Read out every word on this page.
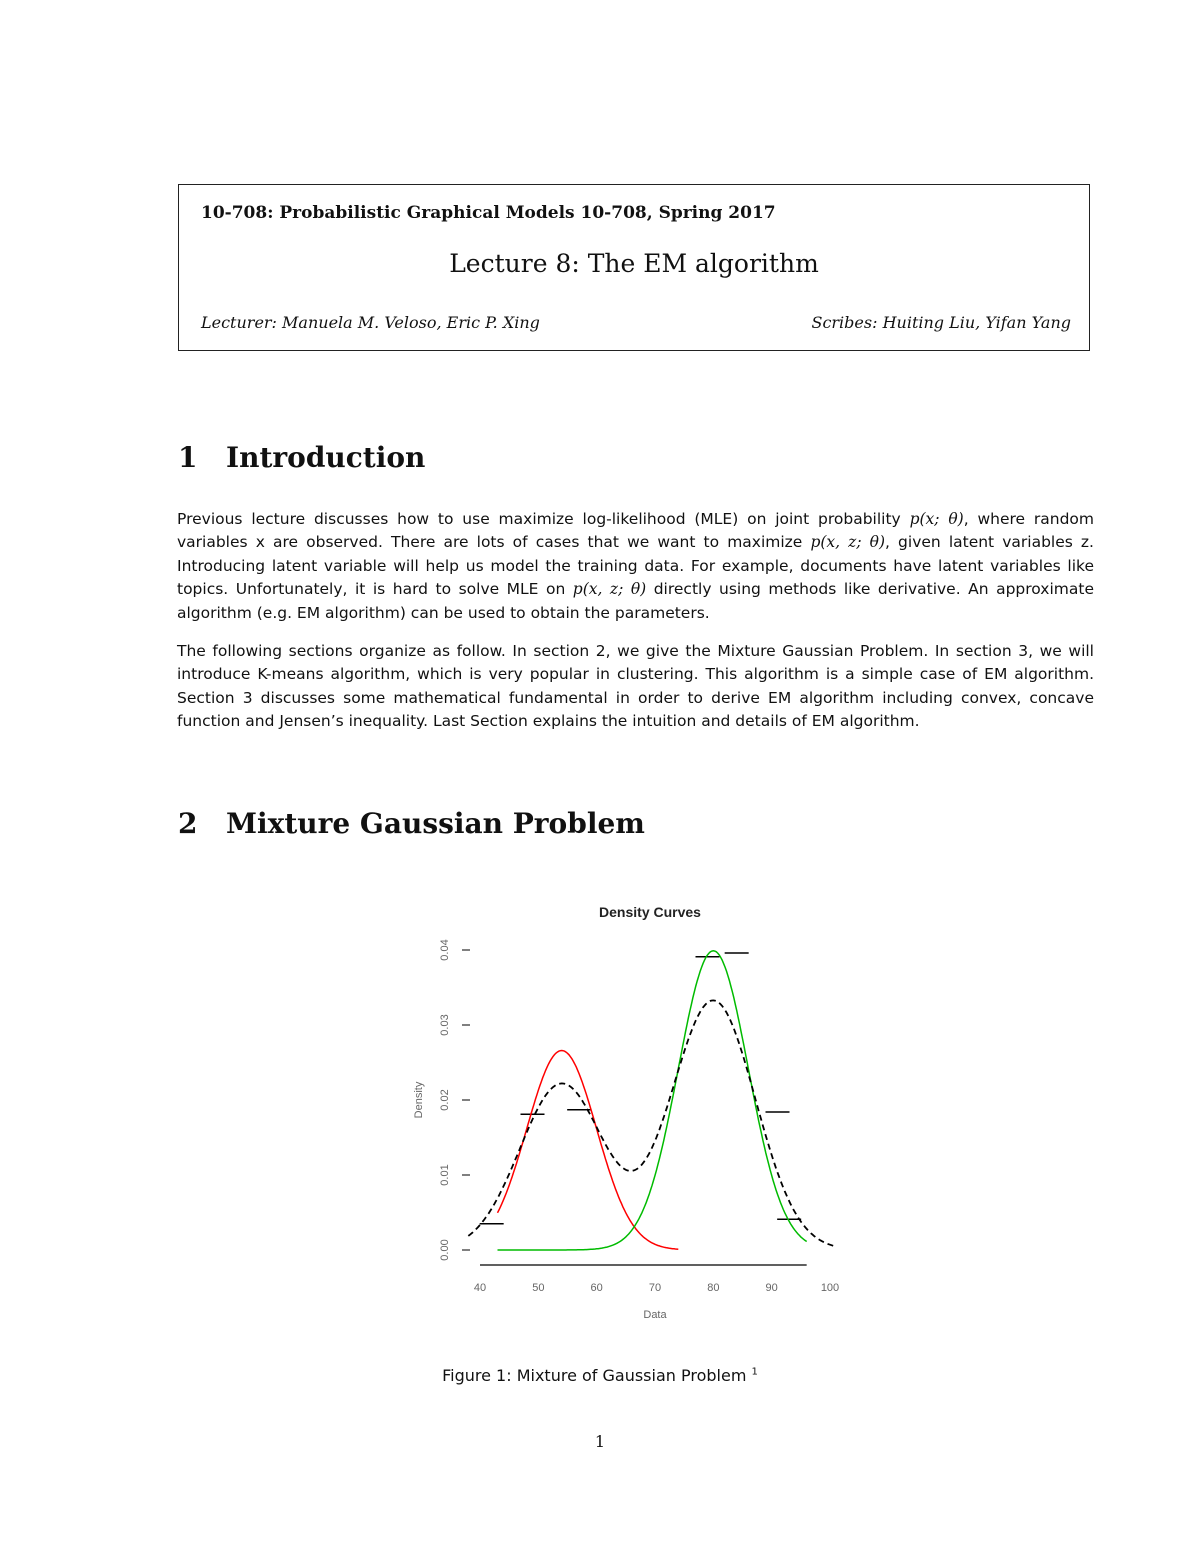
10-708: Probabilistic Graphical Models 10-708, Spring 2017
Lecture 8: The EM algorithm
Lecturer: Manuela M. Veloso, Eric P. Xing	Scribes: Huiting Liu, Yifan Yang
1 Introduction
Previous lecture discusses how to use maximize log-likelihood (MLE) on joint probability p(x; θ), where random variables x are observed. There are lots of cases that we want to maximize p(x, z; θ), given latent variables z. Introducing latent variable will help us model the training data. For example, documents have latent variables like topics. Unfortunately, it is hard to solve MLE on p(x, z; θ) directly using methods like derivative. An approximate algorithm (e.g. EM algorithm) can be used to obtain the parameters.
The following sections organize as follow. In section 2, we give the Mixture Gaussian Problem. In section 3, we will introduce K-means algorithm, which is very popular in clustering. This algorithm is a simple case of EM algorithm. Section 3 discusses some mathematical fundamental in order to derive EM algorithm including convex, concave function and Jensen’s inequality. Last Section explains the intuition and details of EM algorithm.
2 Mixture Gaussian Problem
Density Curves
40	50	60	70	80	90	100
Data
0.00
0.01
0.02
0.03
0.04
Density
Figure 1: Mixture of Gaussian Problem $^1$
1
